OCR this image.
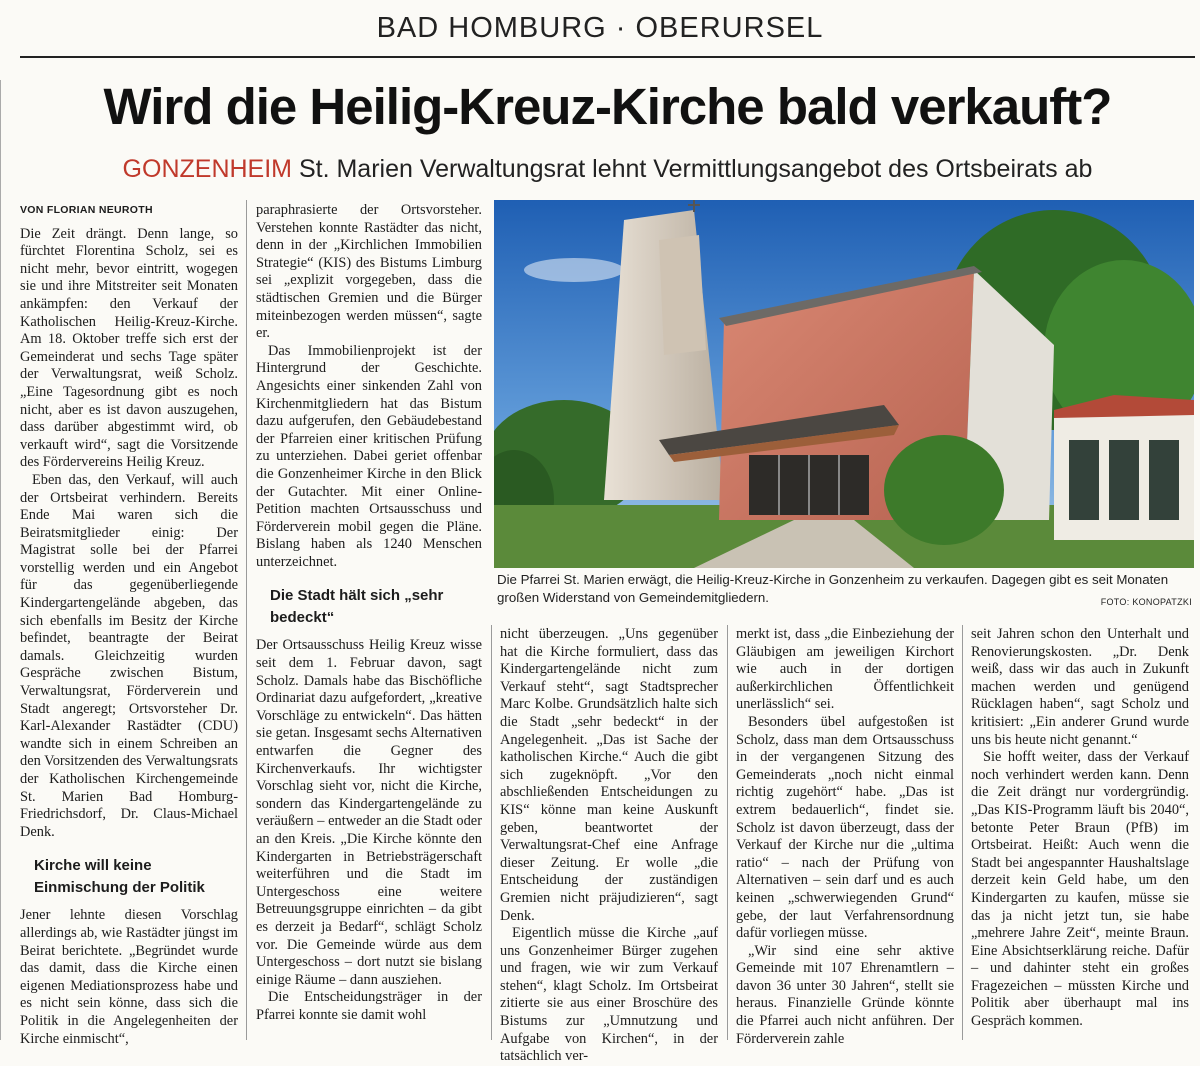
BAD HOMBURG · OBERURSEL
Wird die Heilig-Kreuz-Kirche bald verkauft?
GONZENHEIM St. Marien Verwaltungsrat lehnt Vermittlungsangebot des Ortsbeirats ab
VON FLORIAN NEUROTH

Die Zeit drängt. Denn lange, so fürchtet Florentina Scholz, sei es nicht mehr, bevor eintritt, wogegen sie und ihre Mitstreiter seit Monaten ankämpfen: den Verkauf der Katholischen Heilig-Kreuz-Kirche. Am 18. Oktober treffe sich erst der Gemeinderat und sechs Tage später der Verwaltungsrat, weiß Scholz. „Eine Tagesordnung gibt es noch nicht, aber es ist davon auszugehen, dass darüber abgestimmt wird, ob verkauft wird“, sagt die Vorsitzende des Fördervereins Heilig Kreuz.

Eben das, den Verkauf, will auch der Ortsbeirat verhindern. Bereits Ende Mai waren sich die Beiratsmitglieder einig: Der Magistrat solle bei der Pfarrei vorstellig werden und ein Angebot für das gegenüberliegende Kindergartengelände abgeben, das sich ebenfalls im Besitz der Kirche befindet, beantragte der Beirat damals. Gleichzeitig wurden Gespräche zwischen Bistum, Verwaltungsrat, Förderverein und Stadt angeregt; Ortsvorsteher Dr. Karl-Alexander Rastädter (CDU) wandte sich in einem Schreiben an den Vorsitzenden des Verwaltungsrats der Katholischen Kirchengemeinde St. Marien Bad Homburg-Friedrichsdorf, Dr. Claus-Michael Denk.

Kirche will keine Einmischung der Politik

Jener lehnte diesen Vorschlag allerdings ab, wie Rastädter jüngst im Beirat berichtete. „Begründet wurde das damit, dass die Kirche einen eigenen Mediationsprozess habe und es nicht sein könne, dass sich die Politik in die Angelegenheiten der Kirche einmischt“,

paraphrasierte der Ortsvorsteher. Verstehen konnte Rastädter das nicht, denn in der „Kirchlichen Immobilien Strategie“ (KIS) des Bistums Limburg sei „explizit vorgegeben, dass die städtischen Gremien und die Bürger miteinbezogen werden müssen“, sagte er.

Das Immobilienprojekt ist der Hintergrund der Geschichte. Angesichts einer sinkenden Zahl von Kirchenmitgliedern hat das Bistum dazu aufgerufen, den Gebäudebestand der Pfarreien einer kritischen Prüfung zu unterziehen. Dabei geriet offenbar die Gonzenheimer Kirche in den Blick der Gutachter. Mit einer Online-Petition machten Ortsausschuss und Förderverein mobil gegen die Pläne. Bislang haben als 1240 Menschen unterzeichnet.

Die Stadt hält sich „sehr bedeckt“

Der Ortsausschuss Heilig Kreuz wisse seit dem 1. Februar davon, sagt Scholz. Damals habe das Bischöfliche Ordinariat dazu aufgefordert, „kreative Vorschläge zu entwickeln“. Das hätten sie getan. Insgesamt sechs Alternativen entwarfen die Gegner des Kirchenverkaufs. Ihr wichtigster Vorschlag sieht vor, nicht die Kirche, sondern das Kindergartengelände zu veräußern – entweder an die Stadt oder an den Kreis. „Die Kirche könnte den Kindergarten in Betriebsträgerschaft weiterführen und die Stadt im Untergeschoss eine weitere Betreuungsgruppe einrichten – da gibt es derzeit ja Bedarf“, schlägt Scholz vor. Die Gemeinde würde aus dem Untergeschoss – dort nutzt sie bislang einige Räume – dann ausziehen.

Die Entscheidungsträger in der Pfarrei konnte sie damit wohl

nicht überzeugen. „Uns gegenüber hat die Kirche formuliert, dass das Kindergartengelände nicht zum Verkauf steht“, sagt Stadtsprecher Marc Kolbe. Grundsätzlich halte sich die Stadt „sehr bedeckt“ in der Angelegenheit. „Das ist Sache der katholischen Kirche.“ Auch die gibt sich zugeknöpft. „Vor den abschließenden Entscheidungen zu KIS“ könne man keine Auskunft geben, beantwortet der Verwaltungsrat-Chef eine Anfrage dieser Zeitung. Er wolle „die Entscheidung der zuständigen Gremien nicht präjudizieren“, sagt Denk.

Eigentlich müsse die Kirche „auf uns Gonzenheimer Bürger zugehen und fragen, wie wir zum Verkauf stehen“, klagt Scholz. Im Ortsbeirat zitierte sie aus einer Broschüre des Bistums zur „Umnutzung und Aufgabe von Kirchen“, in der tatsächlich ver-

merkt ist, dass „die Einbeziehung der Gläubigen am jeweiligen Kirchort wie auch in der dortigen außerkirchlichen Öffentlichkeit unerlässlich“ sei.

Besonders übel aufgestoßen ist Scholz, dass man dem Ortsausschuss in der vergangenen Sitzung des Gemeinderats „noch nicht einmal richtig zugehört“ habe. „Das ist extrem bedauerlich“, findet sie. Scholz ist davon überzeugt, dass der Verkauf der Kirche nur die „ultima ratio“ – nach der Prüfung von Alternativen – sein darf und es auch keinen „schwerwiegenden Grund“ gebe, der laut Verfahrensordnung dafür vorliegen müsse.

„Wir sind eine sehr aktive Gemeinde mit 107 Ehrenamtlern – davon 36 unter 30 Jahren“, stellt sie heraus. Finanzielle Gründe könnte die Pfarrei auch nicht anführen. Der Förderverein zahle

seit Jahren schon den Unterhalt und Renovierungskosten. „Dr. Denk weiß, dass wir das auch in Zukunft machen werden und genügend Rücklagen haben“, sagt Scholz und kritisiert: „Ein anderer Grund wurde uns bis heute nicht genannt.“

Sie hofft weiter, dass der Verkauf noch verhindert werden kann. Denn die Zeit drängt nur vordergründig. „Das KIS-Programm läuft bis 2040“, betonte Peter Braun (PfB) im Ortsbeirat. Heißt: Auch wenn die Stadt bei angespannter Haushaltslage derzeit kein Geld habe, um den Kindergarten zu kaufen, müsse sie das ja nicht jetzt tun, sie habe „mehrere Jahre Zeit“, meinte Braun. Eine Absichtserklärung reiche. Dafür – und dahinter steht ein großes Fragezeichen – müssten Kirche und Politik aber überhaupt mal ins Gespräch kommen.

Die Pfarrei St. Marien erwägt, die Heilig-Kreuz-Kirche in Gonzenheim zu verkaufen. Dagegen gibt es seit Monaten großen Widerstand von Gemeindemitgliedern.	FOTO: KONOPATZKI
